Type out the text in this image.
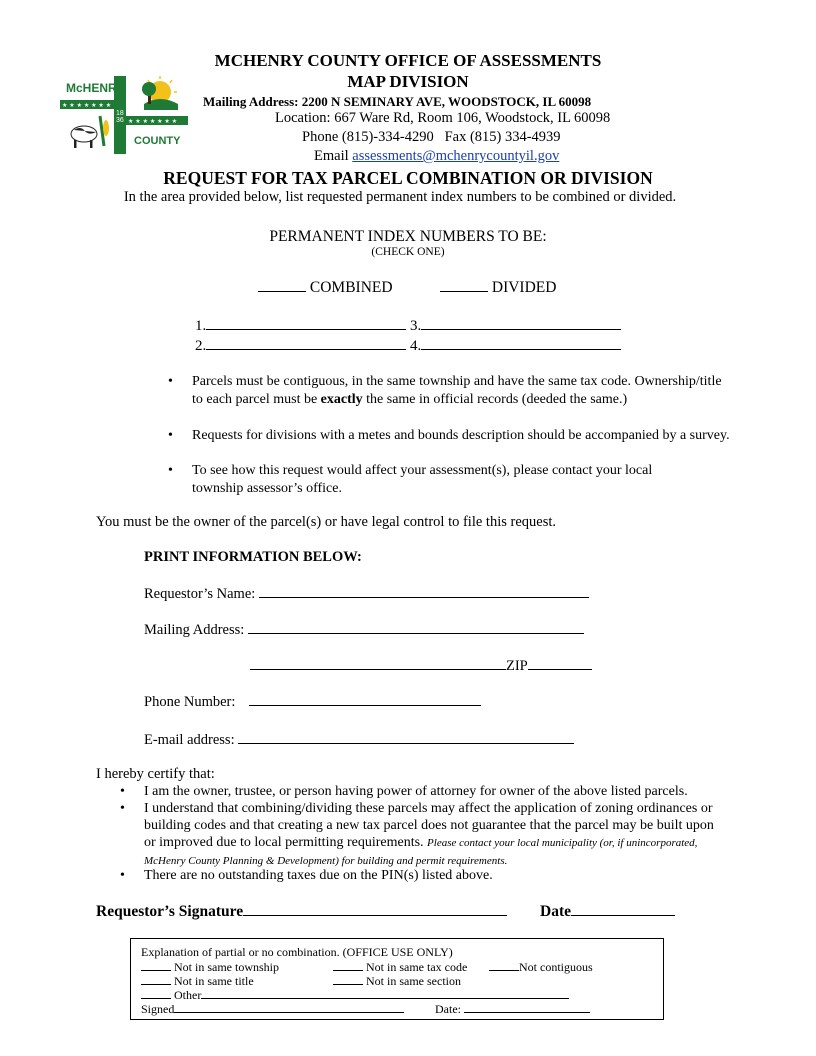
★ ★ ★ ★ ★ ★ ★
★ ★ ★ ★ ★ ★ ★
McHENRY
COUNTY
1836
MCHENRY COUNTY OFFICE OF ASSESSMENTS
MAP DIVISION
Mailing Address: 2200 N SEMINARY AVE, WOODSTOCK, IL 60098
Location: 667 Ware Rd, Room 106, Woodstock, IL 60098
Phone (815)-334-4290   Fax (815) 334-4939
Email assessments@mchenrycountyil.gov
REQUEST FOR TAX PARCEL COMBINATION OR DIVISION
In the area provided below, list requested permanent index numbers to be combined or divided.
PERMANENT INDEX NUMBERS TO BE:
(CHECK ONE)
COMBINED	DIVIDED
1.	3.
2.	4.
• Parcels must be contiguous, in the same township and have the same tax code. Ownership/title to each parcel must be exactly the same in official records (deeded the same.)
• Requests for divisions with a metes and bounds description should be accompanied by a survey.
• To see how this request would affect your assessment(s), please contact your local township assessor’s office.
You must be the owner of the parcel(s) or have legal control to file this request.
PRINT INFORMATION BELOW:
Requestor’s Name:
Mailing Address:
ZIP
Phone Number:
E-mail address:
I hereby certify that:
• I am the owner, trustee, or person having power of attorney for owner of the above listed parcels.
• I understand that combining/dividing these parcels may affect the application of zoning ordinances or building codes and that creating a new tax parcel does not guarantee that the parcel may be built upon or improved due to local permitting requirements. Please contact your local municipality (or, if unincorporated, McHenry County Planning & Development) for building and permit requirements.
• There are no outstanding taxes due on the PIN(s) listed above.
Requestor’s Signature	Date
Explanation of partial or no combination. (OFFICE USE ONLY)
Not in same township	Not in same tax code	Not contiguous
Not in same title	Not in same section
Other
Signed	Date:
